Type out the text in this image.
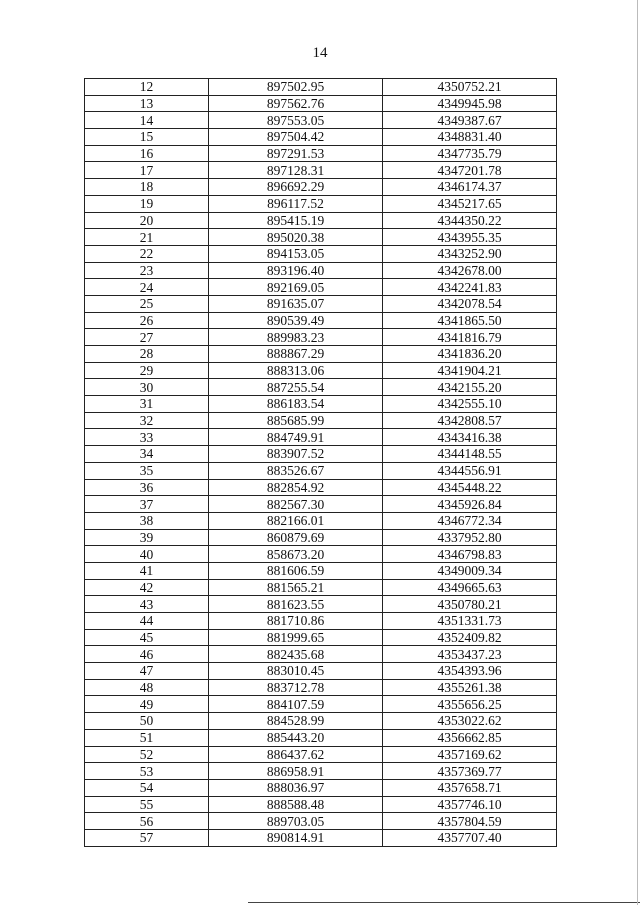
14
12	897502.95	4350752.21
13	897562.76	4349945.98
14	897553.05	4349387.67
15	897504.42	4348831.40
16	897291.53	4347735.79
17	897128.31	4347201.78
18	896692.29	4346174.37
19	896117.52	4345217.65
20	895415.19	4344350.22
21	895020.38	4343955.35
22	894153.05	4343252.90
23	893196.40	4342678.00
24	892169.05	4342241.83
25	891635.07	4342078.54
26	890539.49	4341865.50
27	889983.23	4341816.79
28	888867.29	4341836.20
29	888313.06	4341904.21
30	887255.54	4342155.20
31	886183.54	4342555.10
32	885685.99	4342808.57
33	884749.91	4343416.38
34	883907.52	4344148.55
35	883526.67	4344556.91
36	882854.92	4345448.22
37	882567.30	4345926.84
38	882166.01	4346772.34
39	860879.69	4337952.80
40	858673.20	4346798.83
41	881606.59	4349009.34
42	881565.21	4349665.63
43	881623.55	4350780.21
44	881710.86	4351331.73
45	881999.65	4352409.82
46	882435.68	4353437.23
47	883010.45	4354393.96
48	883712.78	4355261.38
49	884107.59	4355656.25
50	884528.99	4353022.62
51	885443.20	4356662.85
52	886437.62	4357169.62
53	886958.91	4357369.77
54	888036.97	4357658.71
55	888588.48	4357746.10
56	889703.05	4357804.59
57	890814.91	4357707.40
